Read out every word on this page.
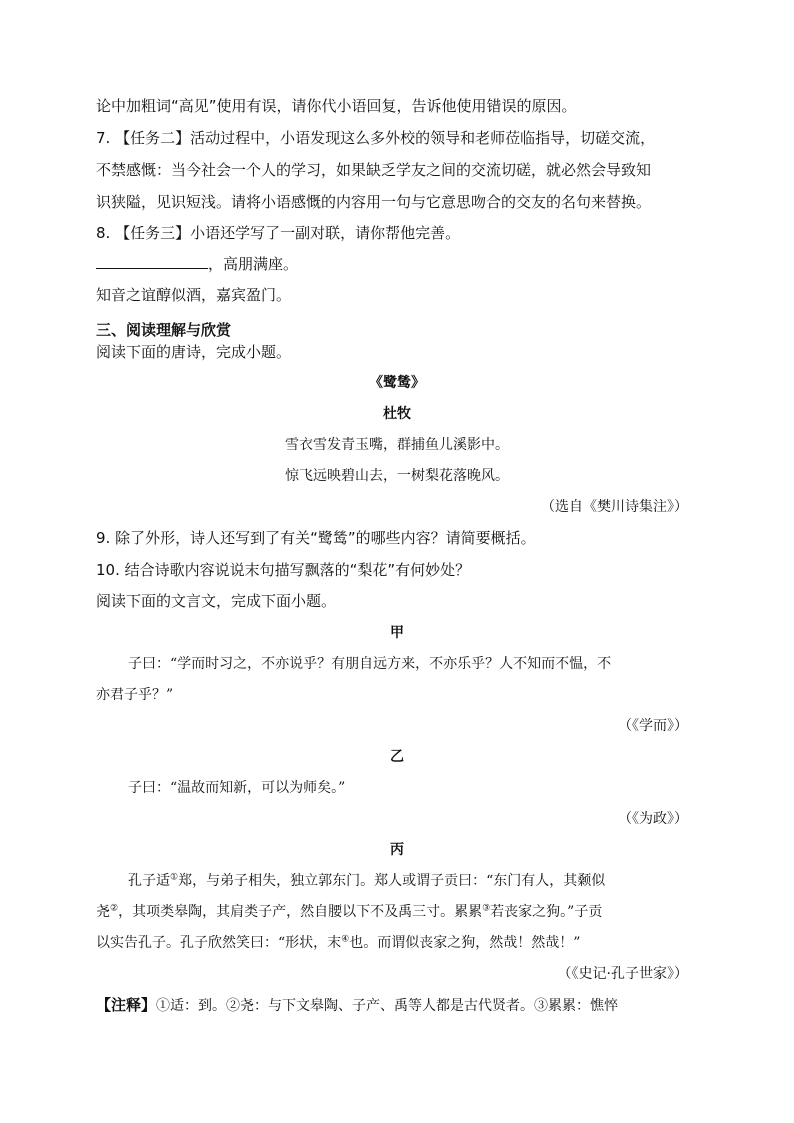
论中加粗词“高见”使用有误，请你代小语回复，告诉他使用错误的原因。
7. 【任务二】活动过程中，小语发现这么多外校的领导和老师莅临指导，切磋交流，
不禁感慨：当今社会一个人的学习，如果缺乏学友之间的交流切磋，就必然会导致知
识狭隘，见识短浅。请将小语感慨的内容用一句与它意思吻合的交友的名句来替换。
8. 【任务三】小语还学写了一副对联，请你帮他完善。
，高朋满座。
知音之谊醇似酒，嘉宾盈门。
三、阅读理解与欣赏
阅读下面的唐诗，完成小题。
《鹭鸶》
杜牧
雪衣雪发青玉嘴，群捕鱼儿溪影中。
惊飞远映碧山去，一树梨花落晚风。
（选自《樊川诗集注》）
9. 除了外形，诗人还写到了有关“鹭鸶”的哪些内容？请简要概括。
10. 结合诗歌内容说说末句描写飘落的“梨花”有何妙处？
阅读下面的文言文，完成下面小题。
甲
子曰：“学而时习之，不亦说乎？有朋自远方来，不亦乐乎？人不知而不愠，不
亦君子乎？”
（《学而》）
乙
子曰：“温故而知新，可以为师矣。”
（《为政》）
丙
孔子适①郑，与弟子相失，独立郭东门。郑人或谓子贡曰：“东门有人，其颡似
尧②，其项类皋陶，其肩类子产，然自腰以下不及禹三寸。累累③若丧家之狗。”子贡
以实告孔子。孔子欣然笑曰：“形状，末④也。而谓似丧家之狗，然哉！然哉！”
（《史记·孔子世家》）
【注释】①适：到。②尧：与下文皋陶、子产、禹等人都是古代贤者。③累累：憔悴
